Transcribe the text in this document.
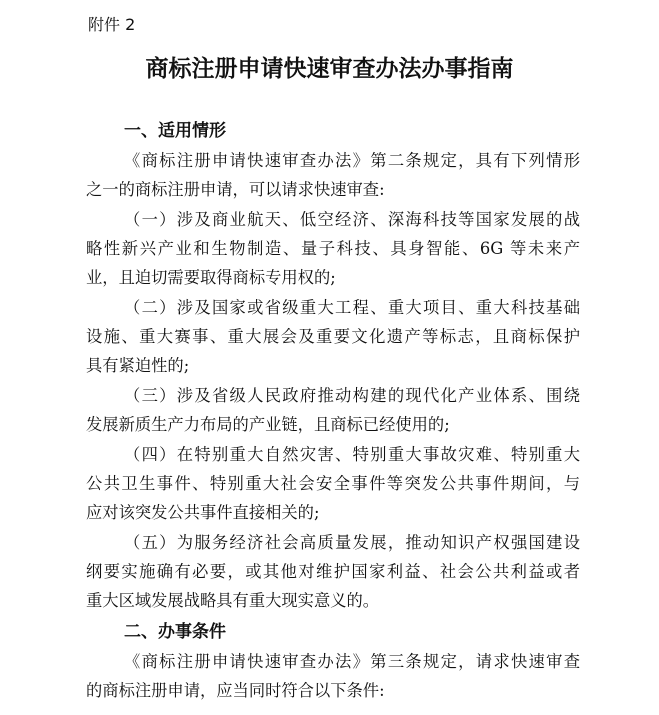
附件 2
商标注册申请快速审查办法办事指南
一、适用情形
《商标注册申请快速审查办法》第二条规定，具有下列情形
之一的商标注册申请，可以请求快速审查:
（一）涉及商业航天、低空经济、深海科技等国家发展的战
略性新兴产业和生物制造、量子科技、具身智能、6G 等未来产
业，且迫切需要取得商标专用权的;
（二）涉及国家或省级重大工程、重大项目、重大科技基础
设施、重大赛事、重大展会及重要文化遗产等标志，且商标保护
具有紧迫性的;
（三）涉及省级人民政府推动构建的现代化产业体系、围绕
发展新质生产力布局的产业链，且商标已经使用的;
（四）在特别重大自然灾害、特别重大事故灾难、特别重大
公共卫生事件、特别重大社会安全事件等突发公共事件期间，与
应对该突发公共事件直接相关的;
（五）为服务经济社会高质量发展，推动知识产权强国建设
纲要实施确有必要，或其他对维护国家利益、社会公共利益或者
重大区域发展战略具有重大现实意义的。
二、办事条件
《商标注册申请快速审查办法》第三条规定，请求快速审查
的商标注册申请，应当同时符合以下条件:
